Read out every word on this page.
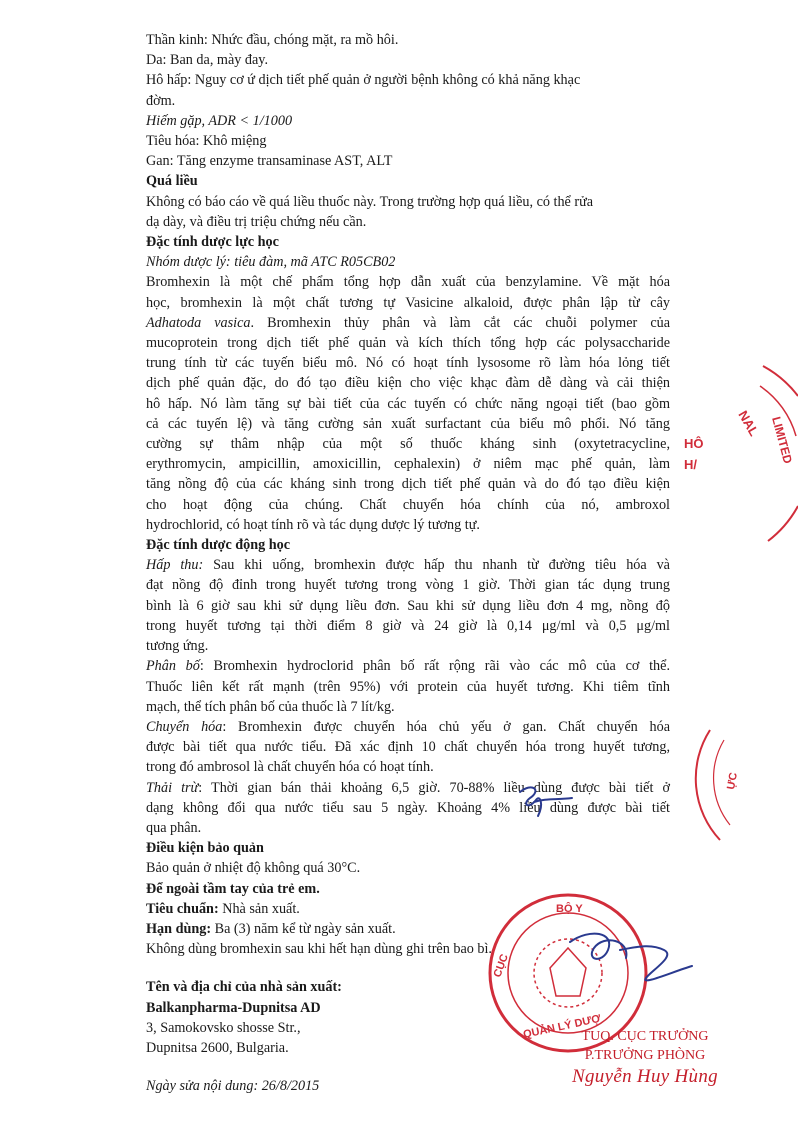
Thần kinh: Nhức đầu, chóng mặt, ra mồ hôi.
Da: Ban da, mày đay.
Hô hấp: Nguy cơ ứ dịch tiết phế quản ở người bệnh không có khả năng khạc
đờm.
Hiếm gặp, ADR < 1/1000
Tiêu hóa: Khô miệng
Gan: Tăng enzyme transaminase AST, ALT
Quá liều
Không có báo cáo về quá liều thuốc này. Trong trường hợp quá liều, có thể rửa
dạ dày, và điều trị triệu chứng nếu cần.
Đặc tính dược lực học
Nhóm dược lý: tiêu đàm, mã ATC R05CB02
Bromhexin là một chế phẩm tổng hợp dẫn xuất của benzylamine. Về mặt hóa
học, bromhexin là một chất tương tự Vasicine alkaloid, được phân lập từ cây
Adhatoda vasica. Bromhexin thủy phân và làm cắt các chuỗi polymer của
mucoprotein trong dịch tiết phế quản và kích thích tổng hợp các polysaccharide
trung tính từ các tuyến biểu mô. Nó có hoạt tính lysosome rõ làm hóa lỏng tiết
dịch phế quản đặc, do đó tạo điều kiện cho việc khạc đàm dễ dàng và cải thiện
hô hấp. Nó làm tăng sự bài tiết của các tuyến có chức năng ngoại tiết (bao gồm
cả các tuyến lệ) và tăng cường sản xuất surfactant của biểu mô phổi. Nó tăng
cường sự thâm nhập của một số thuốc kháng sinh (oxytetracycline,
erythromycin, ampicillin, amoxicillin, cephalexin) ở niêm mạc phế quản, làm
tăng nồng độ của các kháng sinh trong dịch tiết phế quản và do đó tạo điều kiện
cho hoạt động của chúng. Chất chuyển hóa chính của nó, ambroxol
hydrochlorid, có hoạt tính rõ và tác dụng dược lý tương tự.
Đặc tính dược động học
Hấp thu: Sau khi uống, bromhexin được hấp thu nhanh từ đường tiêu hóa và
đạt nồng độ đỉnh trong huyết tương trong vòng 1 giờ. Thời gian tác dụng trung
bình là 6 giờ sau khi sử dụng liều đơn. Sau khi sử dụng liều đơn 4 mg, nồng độ
trong huyết tương tại thời điểm 8 giờ và 24 giờ là 0,14 μg/ml và 0,5 μg/ml
tương ứng.
Phân bố: Bromhexin hydroclorid phân bố rất rộng rãi vào các mô của cơ thể.
Thuốc liên kết rất mạnh (trên 95%) với protein của huyết tương. Khi tiêm tĩnh
mạch, thể tích phân bố của thuốc là 7 lít/kg.
Chuyển hóa: Bromhexin được chuyển hóa chủ yếu ở gan. Chất chuyển hóa
được bài tiết qua nước tiểu. Đã xác định 10 chất chuyển hóa trong huyết tương,
trong đó ambrosol là chất chuyển hóa có hoạt tính.
Thải trừ: Thời gian bán thải khoảng 6,5 giờ. 70-88% liều dùng được bài tiết ở
dạng không đổi qua nước tiểu sau 5 ngày. Khoảng 4% liều dùng được bài tiết
qua phân.
Điều kiện bảo quản
Bảo quản ở nhiệt độ không quá 30°C.
Để ngoài tầm tay của trẻ em.
Tiêu chuẩn: Nhà sản xuất.
Hạn dùng: Ba (3) năm kể từ ngày sản xuất.
Không dùng bromhexin sau khi hết hạn dùng ghi trên bao bì.
Tên và địa chỉ của nhà sản xuất:
Balkanpharma-Dupnitsa AD
3, Samokovsko shosse Str.,
Dupnitsa 2600, Bulgaria.
Ngày sửa nội dung: 26/8/2015
NAL LIMITED
HÔ
H/
ỰC
BỘ Y
CỤC
QUẢN LÝ DƯỢ
TUQ. CỤC TRƯỞNG
P.TRƯỞNG PHÒNG
Nguyễn Huy Hùng
